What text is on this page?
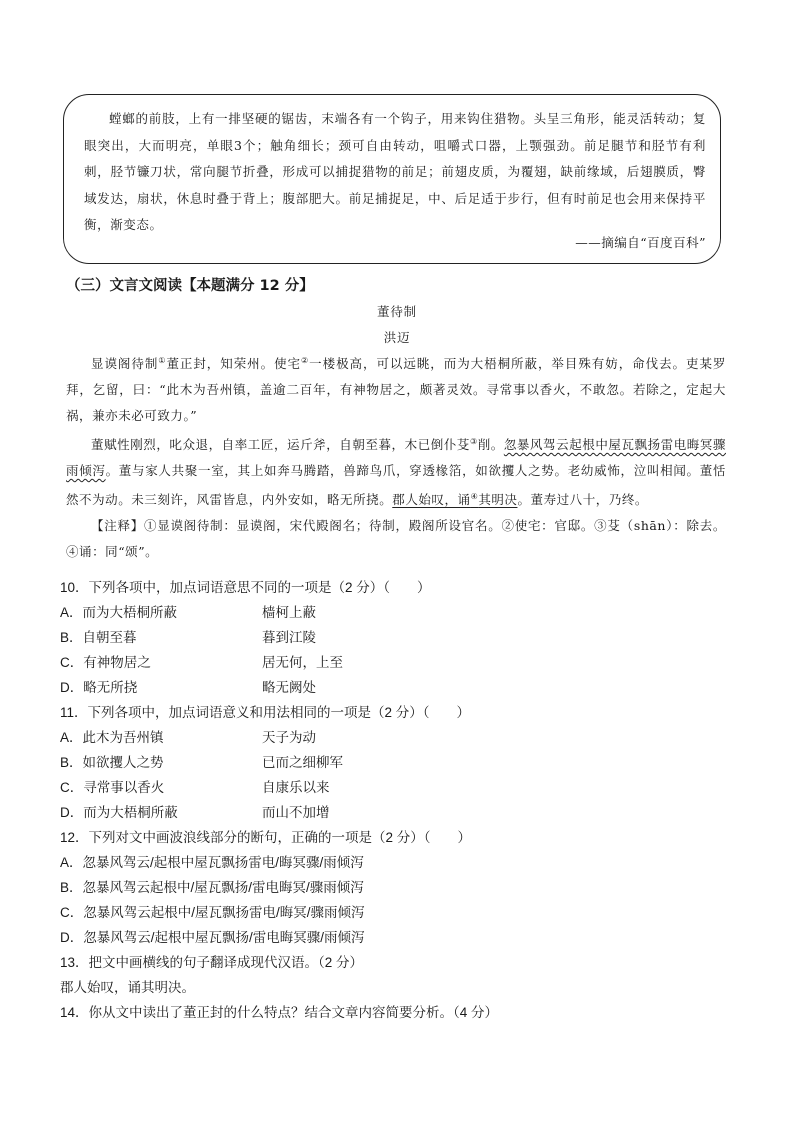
螳螂的前肢，上有一排坚硬的锯齿，末端各有一个钩子，用来钩住猎物。头呈三角形，能灵活转动；复眼突出，大而明亮，单眼3个；触角细长；颈可自由转动，咀嚼式口器，上颚强劲。前足腿节和胫节有利刺，胫节镰刀状，常向腿节折叠，形成可以捕捉猎物的前足；前翅皮质，为覆翅，缺前缘域，后翅膜质，臀域发达，扇状，休息时叠于背上；腹部肥大。前足捕捉足，中、后足适于步行，但有时前足也会用来保持平衡，渐变态。

——摘编自“百度百科”
（三）文言文阅读【本题满分 12 分】
董待制
洪迈

显谟阁待制①董正封，知荣州。使宅②一楼极高，可以远眺，而为大梧桐所蔽，举目殊有妨，命伐去。吏某罗拜，乞留，曰：“此木为吾州镇，盖逾二百年，有神物居之，颇著灵效。寻常事以香火，不敢忽。若除之，定起大祸，兼亦未必可致力。”

董赋性刚烈，叱众退，自率工匠，运斤斧，自朝至暮，木已倒仆芟③削。忽暴风驾云起根中屋瓦飘扬雷电晦冥骤雨倾泻。董与家人共聚一室，其上如奔马腾踏，兽蹄鸟爪，穿透椽箔，如欲攫人之势。老幼威怖，泣叫相闻。董恬然不为动。未三刻许，风雷皆息，内外安如，略无所挠。郡人始叹，诵④其明决。董寿过八十，乃终。

【注释】①显谟阁待制：显谟阁，宋代殿阁名；待制，殿阁所设官名。②使宅：官邸。③芟（shān）：除去。④诵：同“颂”。

10．下列各项中，加点词语意思不同的一项是（2 分）（　　）
A．而为大梧桐所蔽	樯柯上蔽
B．自朝至暮	暮到江陵
C．有神物居之	居无何，上至
D．略无所挠	略无阙处
11．下列各项中，加点词语意义和用法相同的一项是（2 分）（　　）
A．此木为吾州镇	天子为动
B．如欲攫人之势	已而之细柳军
C．寻常事以香火	自康乐以来
D．而为大梧桐所蔽	而山不加增
12．下列对文中画波浪线部分的断句，正确的一项是（2 分）（　　）
A．忽暴风驾云/起根中屋瓦飘扬雷电/晦冥骤/雨倾泻
B．忽暴风驾云起根中/屋瓦飘扬/雷电晦冥/骤雨倾泻
C．忽暴风驾云起根中/屋瓦飘扬雷电/晦冥/骤雨倾泻
D．忽暴风驾云/起根中屋瓦飘扬/雷电晦冥骤/雨倾泻
13．把文中画横线的句子翻译成现代汉语。（2 分）
郡人始叹，诵其明决。
14．你从文中读出了董正封的什么特点？结合文章内容简要分析。（4 分）
